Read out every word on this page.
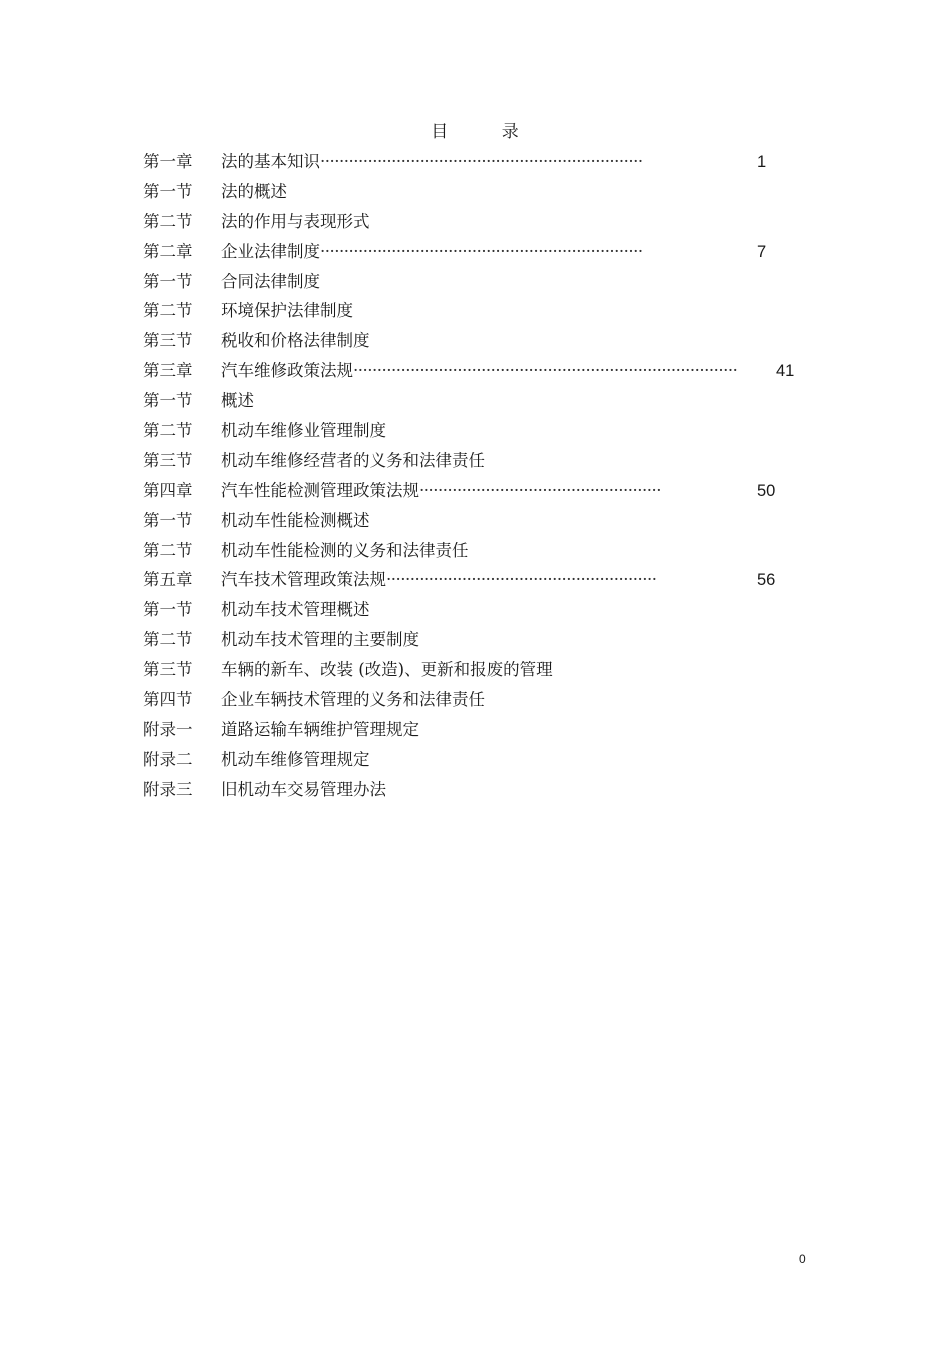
目 录
第一章 法的基本知识····································································	1
第一节 法的概述
第二节 法的作用与表现形式
第二章 企业法律制度····································································	7
第一节 合同法律制度
第二节 环境保护法律制度
第三节 税收和价格法律制度
第三章 汽车维修政策法规················································································· 41
第一节 概述
第二节 机动车维修业管理制度
第三节 机动车维修经营者的义务和法律责任
第四章 汽车性能检测管理政策法规···················································	50
第一节 机动车性能检测概述
第二节 机动车性能检测的义务和法律责任
第五章 汽车技术管理政策法规·························································	56
第一节 机动车技术管理概述
第二节 机动车技术管理的主要制度
第三节 车辆的新车、改装 (改造)、更新和报废的管理
第四节 企业车辆技术管理的义务和法律责任
附录一 道路运输车辆维护管理规定
附录二 机动车维修管理规定
附录三 旧机动车交易管理办法
0
